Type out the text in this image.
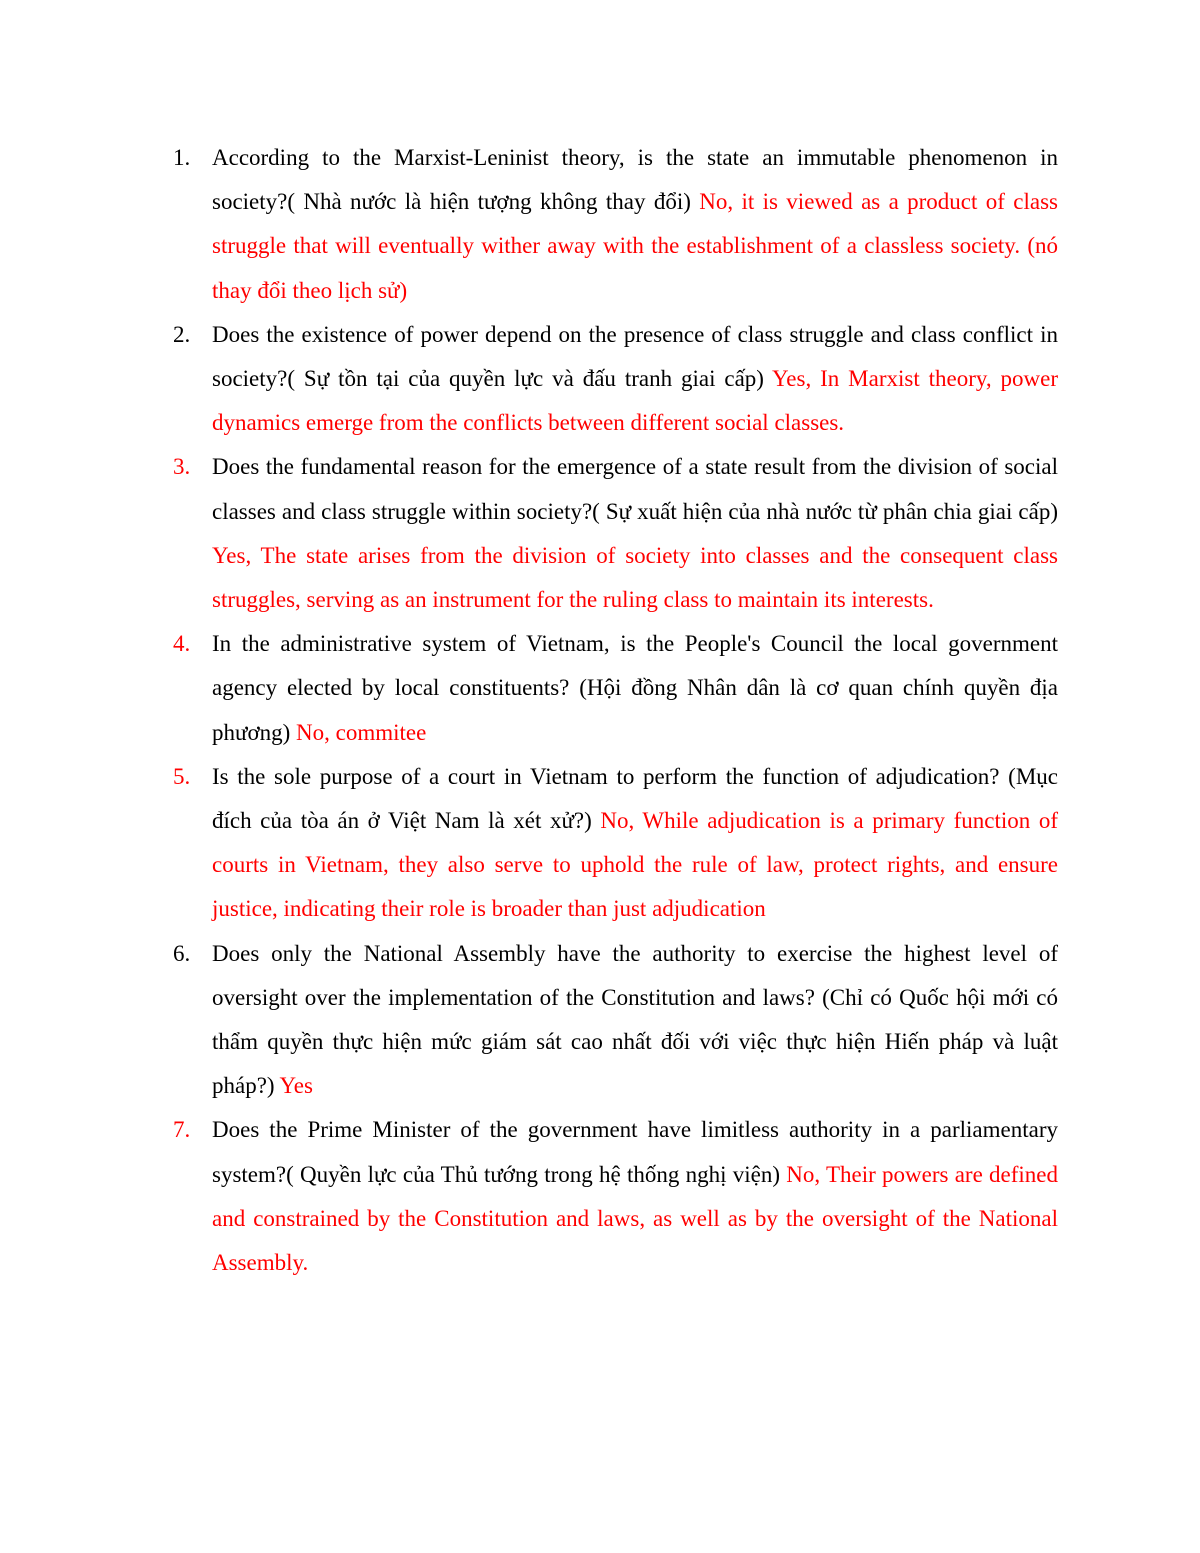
1. According to the Marxist-Leninist theory, is the state an immutable phenomenon in society?( Nhà nước là hiện tượng không thay đổi) No, it is viewed as a product of class struggle that will eventually wither away with the establishment of a classless society. (nó thay đổi theo lịch sử)
2. Does the existence of power depend on the presence of class struggle and class conflict in society?( Sự tồn tại của quyền lực và đấu tranh giai cấp) Yes, In Marxist theory, power dynamics emerge from the conflicts between different social classes.
3. Does the fundamental reason for the emergence of a state result from the division of social classes and class struggle within society?( Sự xuất hiện của nhà nước từ phân chia giai cấp) Yes, The state arises from the division of society into classes and the consequent class struggles, serving as an instrument for the ruling class to maintain its interests.
4. In the administrative system of Vietnam, is the People's Council the local government agency elected by local constituents? (Hội đồng Nhân dân là cơ quan chính quyền địa phương) No, commitee
5. Is the sole purpose of a court in Vietnam to perform the function of adjudication? (Mục đích của tòa án ở Việt Nam là xét xử?) No, While adjudication is a primary function of courts in Vietnam, they also serve to uphold the rule of law, protect rights, and ensure justice, indicating their role is broader than just adjudication
6. Does only the National Assembly have the authority to exercise the highest level of oversight over the implementation of the Constitution and laws? (Chỉ có Quốc hội mới có thẩm quyền thực hiện mức giám sát cao nhất đối với việc thực hiện Hiến pháp và luật pháp?) Yes
7. Does the Prime Minister of the government have limitless authority in a parliamentary system?( Quyền lực của Thủ tướng trong hệ thống nghị viện) No, Their powers are defined and constrained by the Constitution and laws, as well as by the oversight of the National Assembly.
